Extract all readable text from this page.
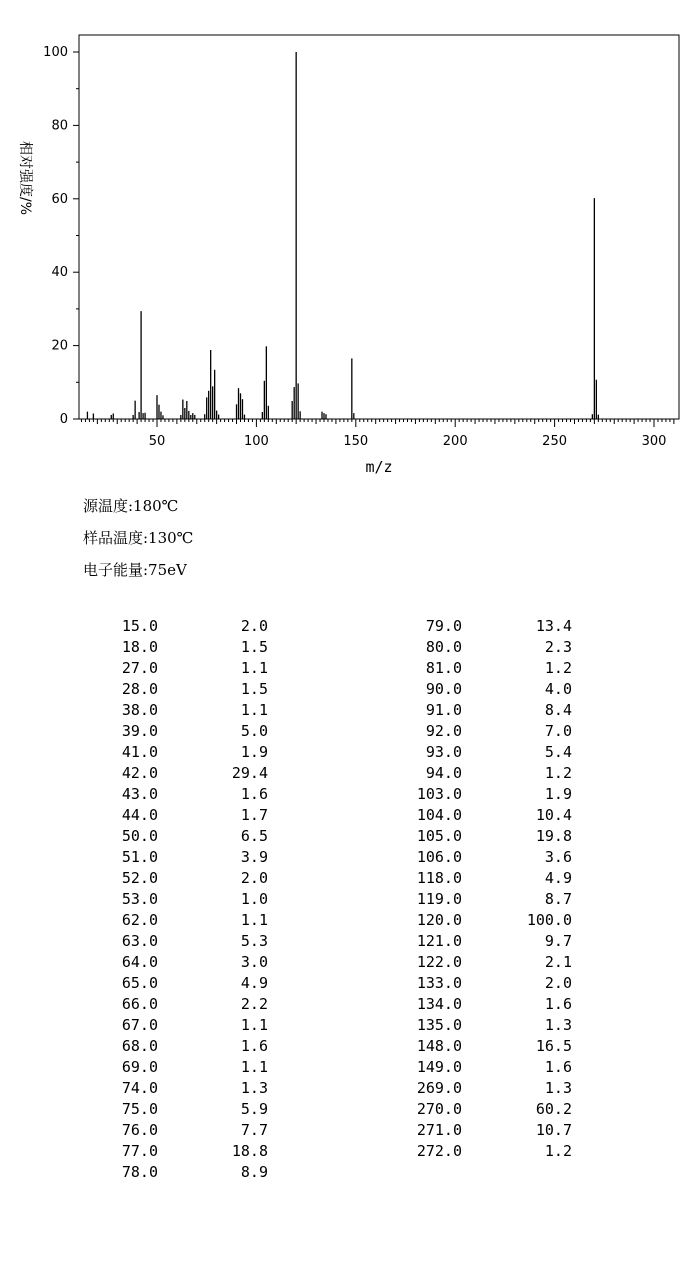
0
20
40
60
80
100
50	100	150	200	250	300
m/z
相对强度/%
源温度:180℃
样品温度:130℃
电子能量:75eV
15.0	2.0
18.0	1.5
27.0	1.1
28.0	1.5
38.0	1.1
39.0	5.0
41.0	1.9
42.0	29.4
43.0	1.6
44.0	1.7
50.0	6.5
51.0	3.9
52.0	2.0
53.0	1.0
62.0	1.1
63.0	5.3
64.0	3.0
65.0	4.9
66.0	2.2
67.0	1.1
68.0	1.6
69.0	1.1
74.0	1.3
75.0	5.9
76.0	7.7
77.0	18.8
78.0	8.9
79.0	13.4
80.0	2.3
81.0	1.2
90.0	4.0
91.0	8.4
92.0	7.0
93.0	5.4
94.0	1.2
103.0	1.9
104.0	10.4
105.0	19.8
106.0	3.6
118.0	4.9
119.0	8.7
120.0	100.0
121.0	9.7
122.0	2.1
133.0	2.0
134.0	1.6
135.0	1.3
148.0	16.5
149.0	1.6
269.0	1.3
270.0	60.2
271.0	10.7
272.0	1.2
